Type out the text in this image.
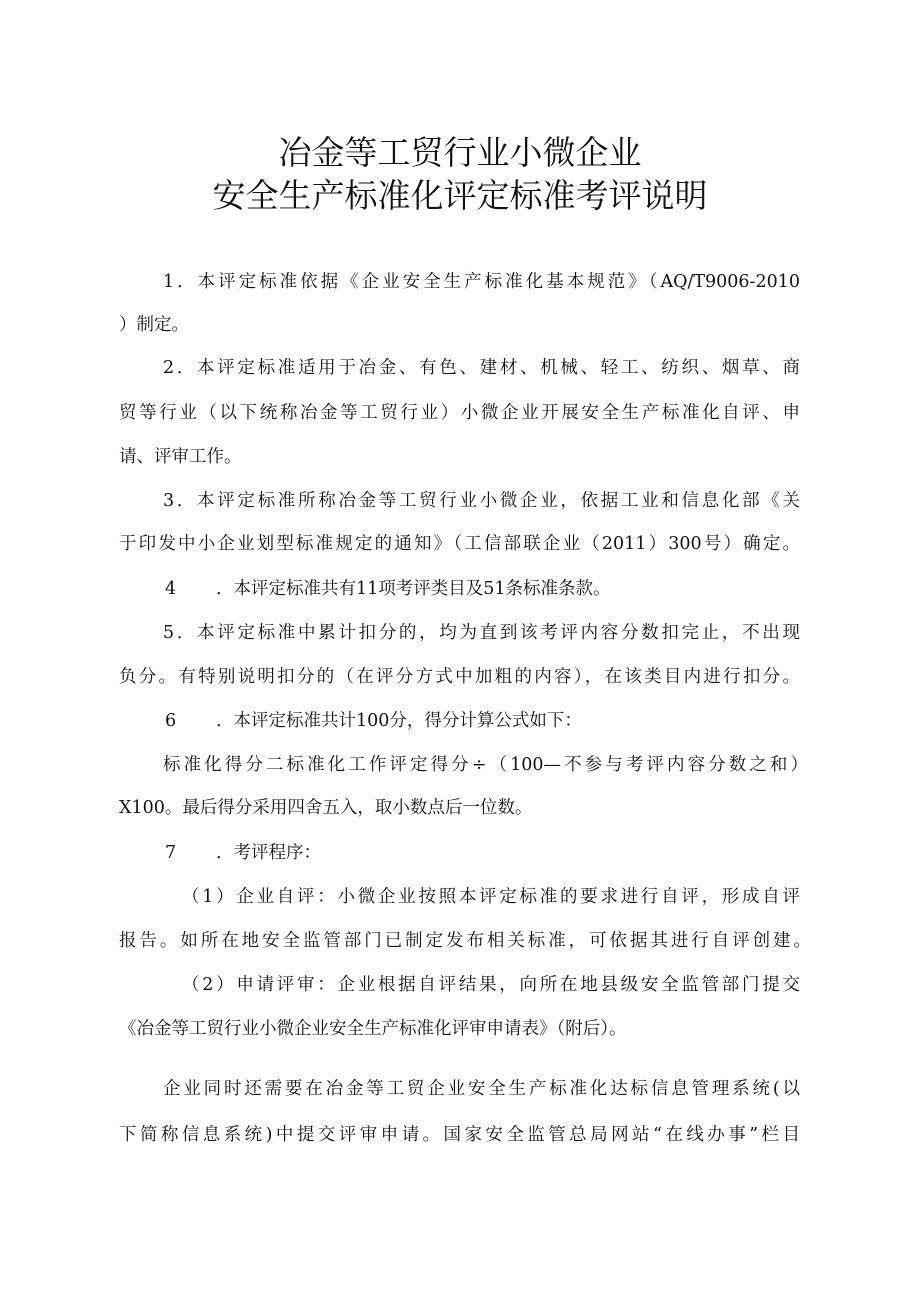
冶金等工贸行业小微企业
安全生产标准化评定标准考评说明
1．本评定标准依据《企业安全生产标准化基本规范》（AQ/T9006-2010
）制定。
2．本评定标准适用于冶金、有色、建材、机械、轻工、纺织、烟草、商
贸等行业（以下统称冶金等工贸行业）小微企业开展安全生产标准化自评、申
请、评审工作。
3．本评定标准所称冶金等工贸行业小微企业，依据工业和信息化部《关
于印发中小企业划型标准规定的通知》（工信部联企业（2011）300号）确定。
4 ．本评定标准共有11项考评类目及51条标准条款。
5．本评定标准中累计扣分的，均为直到该考评内容分数扣完止，不出现
负分。有特别说明扣分的（在评分方式中加粗的内容），在该类目内进行扣分。
6 ．本评定标准共计100分，得分计算公式如下：
标准化得分二标准化工作评定得分÷（100—不参与考评内容分数之和）
X100。最后得分采用四舍五入，取小数点后一位数。
7 ．考评程序：
（1）企业自评：小微企业按照本评定标准的要求进行自评，形成自评
报告。如所在地安全监管部门已制定发布相关标准，可依据其进行自评创建。
（2）申请评审：企业根据自评结果，向所在地县级安全监管部门提交
《冶金等工贸行业小微企业安全生产标准化评审申请表》（附后）。
企业同时还需要在冶金等工贸企业安全生产标准化达标信息管理系统(以
下简称信息系统)中提交评审申请。国家安全监管总局网站“在线办事”栏目
